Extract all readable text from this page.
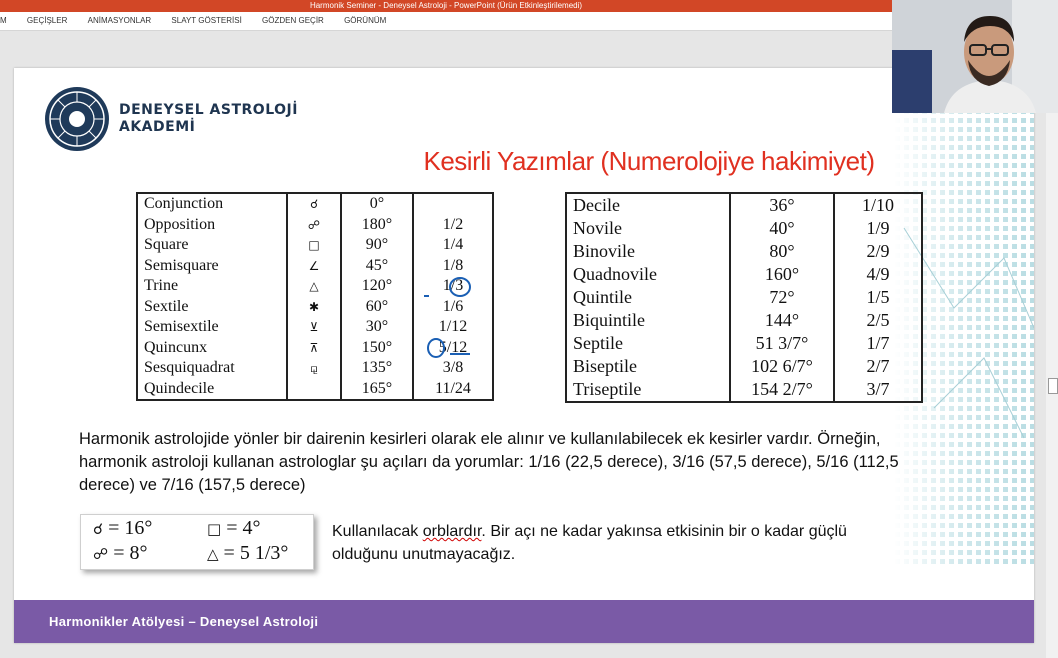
Harmonik Seminer - Deneysel Astroloji - PowerPoint (Ürün Etkinleştirilemedi)
M	GEÇİŞLER	ANİMASYONLAR	SLAYT GÖSTERİSİ	GÖZDEN GEÇİR	GÖRÜNÜM
DENEYSEL ASTROLOJİ
AKADEMİ
Kesirli Yazımlar (Numerolojiye hakimiyet)
Conjunction	☌	0°	
Opposition	☍	180°	1/2
Square	□	90°	1/4
Semisquare	∠	45°	1/8
Trine	△	120°	1/3
Sextile	✱	60°	1/6
Semisextile	⊻	30°	1/12
Quincunx	⊼	150°	5/12
Sesquiquadrat	⚼	135°	3/8
Quindecile		165°	11/24
Decile	36°	1/10
Novile	40°	1/9
Binovile	80°	2/9
Quadnovile	160°	4/9
Quintile	72°	1/5
Biquintile	144°	2/5
Septile	51 3/7°	1/7
Biseptile	102 6/7°	2/7
Triseptile	154 2/7°	3/7
Harmonik astrolojide yönler bir dairenin kesirleri olarak ele alınır ve kullanılabilecek ek kesirler vardır. Örneğin, harmonik astroloji kullanan astrologlar şu açıları da yorumlar: 1/16 (22,5 derece), 3/16 (57,5 derece), 5/16 (112,5 derece) ve 7/16 (157,5 derece)
☌ = 16°	□ = 4°
☍ = 8°	△ = 5 1/3°
Kullanılacak orblardır. Bir açı ne kadar yakınsa etkisinin bir o kadar güçlü olduğunu unutmayacağız.
Harmonikler Atölyesi – Deneysel Astroloji
